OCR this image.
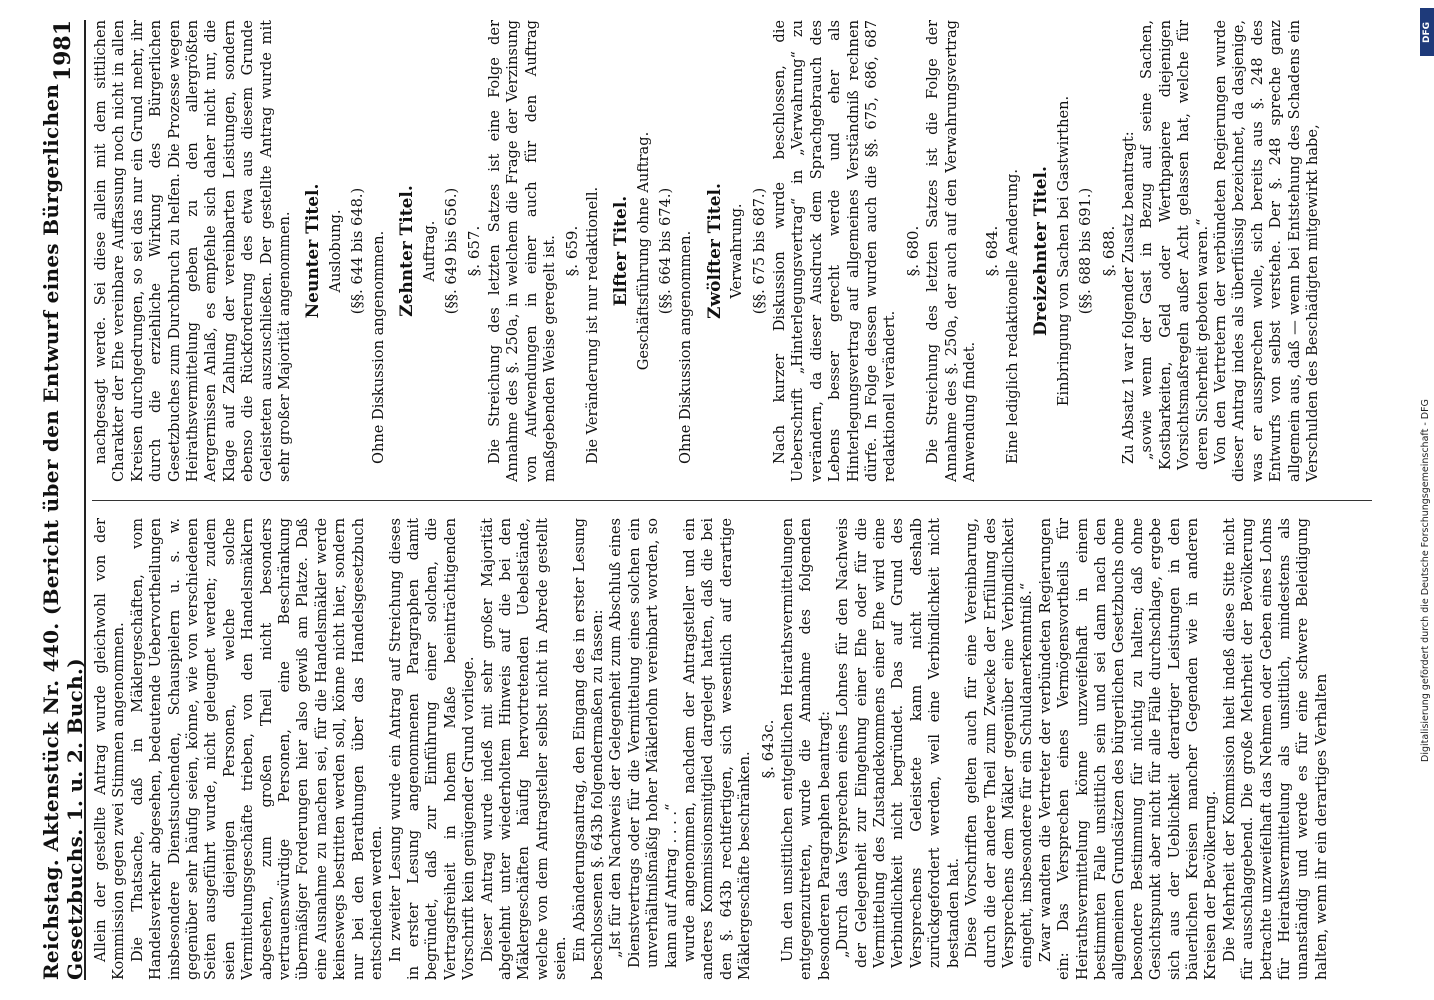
Reichstag. Aktenstück Nr. 440. (Bericht über den Entwurf eines Bürgerlichen Gesetzbuchs. 1. u. 2. Buch.)
1981

Allein der gestellte Antrag wurde gleichwohl von der Kommission gegen zwei Stimmen angenommen. Die Thatsache, daß in Mäklergeschäften, vom Handelsverkehr abgesehen, bedeutende Uebervortheilungen insbesondere Dienstsuchenden, Schauspielern u. s. w. gegenüber sehr häufig seien, könne, wie von verschiedenen Seiten ausgeführt wurde, nicht geleugnet werden; zudem seien diejenigen Personen, welche solche Vermittelungsgeschäfte trieben, von den Handelsmäklern abgesehen, zum großen Theil nicht besonders vertrauenswürdige Personen, eine Beschränkung übermäßiger Forderungen hier also gewiß am Platze. Daß eine Ausnahme zu machen sei, für die Handelsmäkler werde keineswegs bestritten werden soll, könne nicht hier, sondern nur bei den Berathungen über das Handelsgesetzbuch entschieden werden. In zweiter Lesung wurde ein Antrag auf Streichung dieses in erster Lesung angenommenen Paragraphen damit begründet, daß zur Einführung einer solchen, die Vertragsfreiheit in hohem Maße beeinträchtigenden Vorschrift kein genügender Grund vorliege. Dieser Antrag wurde indeß mit sehr großer Majorität abgelehnt unter wiederholtem Hinweis auf die bei den Mäklergeschäften häufig hervortretenden Uebelstände, welche von dem Antragsteller selbst nicht in Abrede gestellt seien. Ein Abänderungsantrag, den Eingang des in erster Lesung beschlossenen §. 643b folgendermaßen zu fassen: „Ist für den Nachweis der Gelegenheit zum Abschluß eines Dienstvertrags oder für die Vermittelung eines solchen ein unverhältnißmäßig hoher Mäklerlohn vereinbart worden, so kann auf Antrag . . . .“ wurde angenommen, nachdem der Antragsteller und ein anderes Kommissionsmitglied dargelegt hatten, daß die bei den §. 643b rechtfertigen, sich wesentlich auf derartige Mäklergeschäfte beschränken.

§. 643c. Um den unsittlichen entgeltlichen Heirathsvermittelungen entgegenzutreten, wurde die Annahme des folgenden besonderen Paragraphen beantragt: „Durch das Versprechen eines Lohnes für den Nachweis der Gelegenheit zur Eingehung einer Ehe oder für die Vermittelung des Zustandekommens einer Ehe wird eine Verbindlichkeit nicht begründet. Das auf Grund des Versprechens Geleistete kann nicht deshalb zurückgefordert werden, weil eine Verbindlichkeit nicht bestanden hat. Diese Vorschriften gelten auch für eine Vereinbarung, durch die der andere Theil zum Zwecke der Erfüllung des Versprechens dem Mäkler gegenüber eine Verbindlichkeit eingeht, insbesondere für ein Schuldanerkenntniß.“ Zwar wandten die Vertreter der verbündeten Regierungen ein: Das Versprechen eines Vermögensvortheils für Heirathsvermittelung könne unzweifelhaft in einem bestimmten Falle unsittlich sein und sei dann nach den allgemeinen Grundsätzen des bürgerlichen Gesetzbuchs ohne besondere Bestimmung für nichtig zu halten; daß ohne Gesichtspunkt aber nicht für alle Fälle durchschlage, ergebe sich aus der Ueblichkeit derartiger Leistungen in den bäuerlichen Kreisen mancher Gegenden wie in anderen Kreisen der Bevölkerung. Die Mehrheit der Kommission hielt indeß diese Sitte nicht für ausschlaggebend. Die große Mehrheit der Bevölkerung betrachte unzweifelhaft das Nehmen oder Geben eines Lohns für Heirathsvermittelung als unsittlich, mindestens als unanständig und werde es für eine schwere Beleidigung halten, wenn ihr ein derartiges Verhalten

nachgesagt werde. Sei diese allein mit dem sittlichen Charakter der Ehe vereinbare Auffassung noch nicht in allen Kreisen durchgedrungen, so sei das nur ein Grund mehr, ihr durch die erziehliche Wirkung des Bürgerlichen Gesetzbuches zum Durchbruch zu helfen. Die Prozesse wegen Heirathsvermittelung geben zu den allergrößten Aergernissen Anlaß, es empfehle sich daher nicht nur, die Klage auf Zahlung der vereinbarten Leistungen, sondern ebenso die Rückforderung des etwa aus diesem Grunde Geleisteten auszuschließen. Der gestellte Antrag wurde mit sehr großer Majorität angenommen. Neunter Titel. Auslobung. (§§. 644 bis 648.) Ohne Diskussion angenommen. Zehnter Titel. Auftrag. (§§. 649 bis 656.) §. 657. Die Streichung des letzten Satzes ist eine Folge der Annahme des §. 250a, in welchem die Frage der Verzinsung von Aufwendungen in einer auch für den Auftrag maßgebenden Weise geregelt ist. §. 659. Die Veränderung ist nur redaktionell. Elfter Titel. Geschäftsführung ohne Auftrag. (§§. 664 bis 674.) Ohne Diskussion angenommen. Zwölfter Titel. Verwahrung. (§§. 675 bis 687.) Nach kurzer Diskussion wurde beschlossen, die Ueberschrift „Hinterlegungsvertrag“ in „Verwahrung“ zu verändern, da dieser Ausdruck dem Sprachgebrauch des Lebens besser gerecht werde und eher als Hinterlegungsvertrag auf allgemeines Verständniß rechnen dürfe. In Folge dessen wurden auch die §§. 675, 686, 687 redaktionell verändert.

§. 680. Die Streichung des letzten Satzes ist die Folge der Annahme des §. 250a, der auch auf den Verwahrungsvertrag Anwendung findet.

§. 684. Eine lediglich redaktionelle Aenderung. Dreizehnter Titel. Einbringung von Sachen bei Gastwirthen. (§§. 688 bis 691.) §. 688. Zu Absatz 1 war folgender Zusatz beantragt: „sowie wenn der Gast in Bezug auf seine Sachen, Kostbarkeiten, Geld oder Werthpapiere diejenigen Vorsichtsmaßregeln außer Acht gelassen hat, welche für deren Sicherheit geboten waren.“ Von den Vertretern der verbündeten Regierungen wurde dieser Antrag indes als überflüssig bezeichnet, da dasjenige, was er aussprechen wolle, sich bereits aus §. 248 des Entwurfs von selbst verstehe. Der §. 248 spreche ganz allgemein aus, daß — wenn bei Entstehung des Schadens ein Verschulden des Beschädigten mitgewirkt habe,

DFG
Digitalisierung gefördert durch die Deutsche Forschungsgemeinschaft - DFG
